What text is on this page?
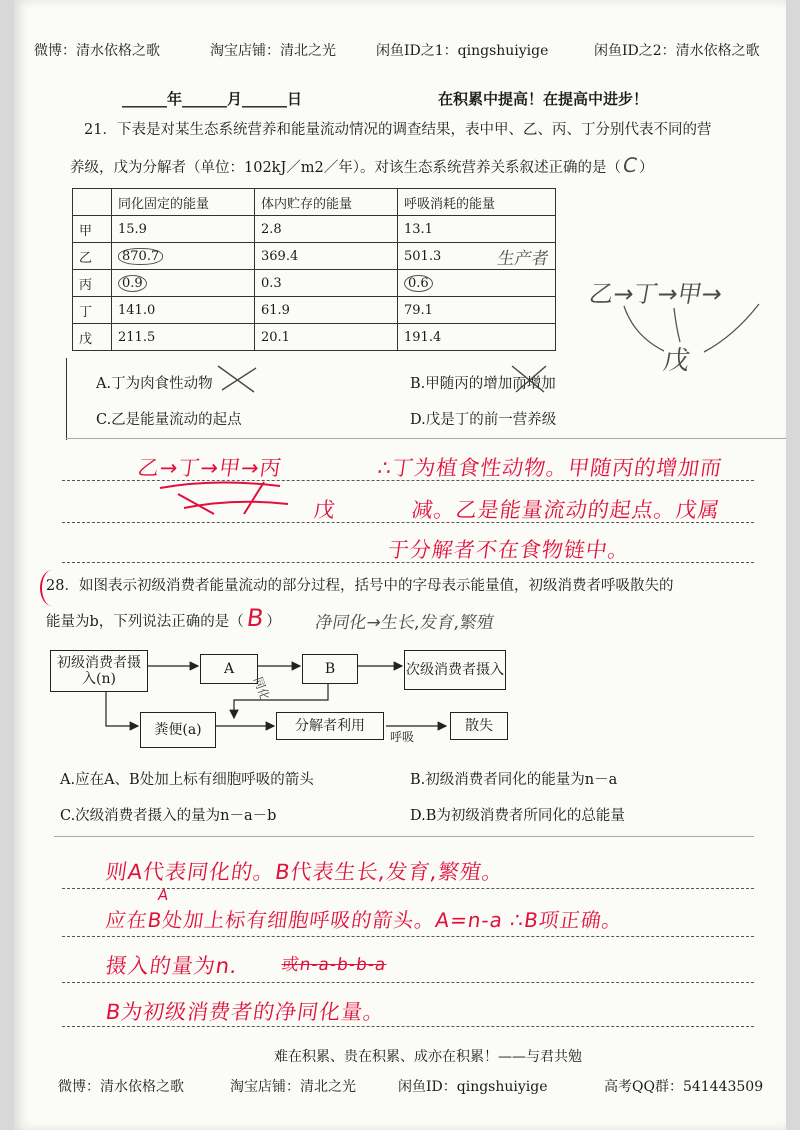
微博：清水依格之歌	淘宝店铺：清北之光	闲鱼ID之1：qingshuiyige	闲鱼ID之2：清水依格之歌
______年______月______日	在积累中提高！在提高中进步！
21．下表是对某生态系统营养和能量流动情况的调查结果，表中甲、乙、丙、丁分别代表不同的营
养级，戊为分解者（单位：102kJ／m2／年）。对该生态系统营养关系叙述正确的是（C）
	同化固定的能量	体内贮存的能量	呼吸消耗的能量
甲	15.9	2.8	13.1
乙	870.7	369.4	501.3
丙	0.9	0.3	0.6
丁	141.0	61.9	79.1
戊	211.5	20.1	191.4
生产者
乙→丁→甲→
戊
A.丁为肉食性动物	B.甲随丙的增加而增加
C.乙是能量流动的起点	D.戊是丁的前一营养级
乙→丁→甲→丙	∴丁为植食性动物。甲随丙的增加而
戊	减。乙是能量流动的起点。戊属
于分解者不在食物链中。
28．如图表示初级消费者能量流动的部分过程，括号中的字母表示能量值，初级消费者呼吸散失的
能量为b，下列说法正确的是（B） 净同化→生长,发育,繁殖
初级消费者摄入(n)
A	B	次级消费者摄入
粪便(a)	分解者利用
呼吸
散失
同化
A.应在A、B处加上标有细胞呼吸的箭头	B.初级消费者同化的能量为n－a
C.次级消费者摄入的量为n－a－b	D.B为初级消费者所同化的总能量
则A代表同化的。B代表生长,发育,繁殖。
A
应在B处加上标有细胞呼吸的箭头。A=n-a ∴B项正确。
摄入的量为n. 或n-a-b-b-a
B为初级消费者的净同化量。
难在积累、贵在积累、成亦在积累！——与君共勉
微博：清水依格之歌	淘宝店铺：清北之光	闲鱼ID：qingshuiyige	高考QQ群：541443509
